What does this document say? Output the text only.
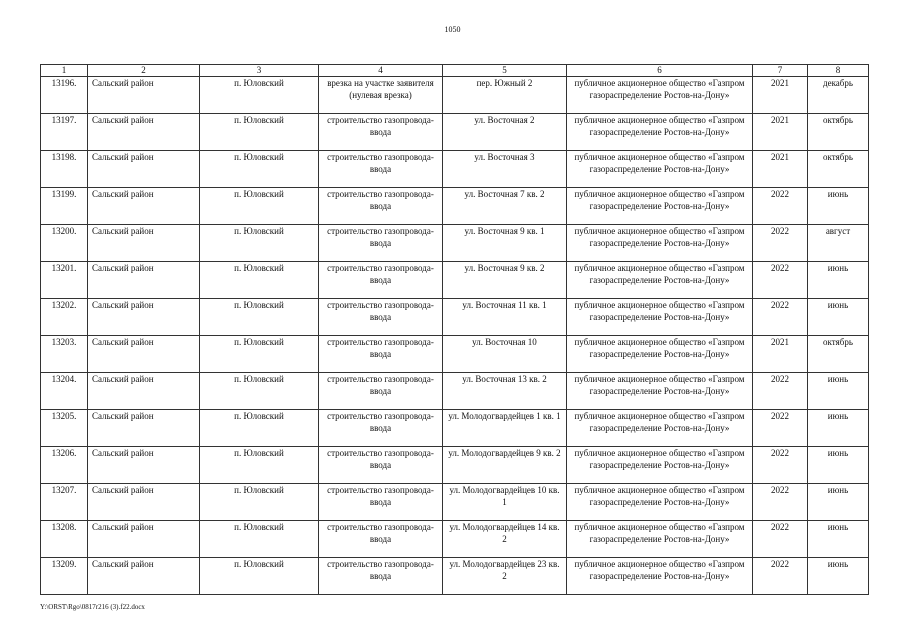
1050
1	2	3	4	5	6	7	8
13196.	Сальский район	п. Юловский	врезка на участке заявителя (нулевая врезка)	пер. Южный 2	публичное акционерное общество «Газпром газораспределение Ростов-на-Дону»	2021	декабрь
13197.	Сальский район	п. Юловский	строительство газопровода-ввода	ул. Восточная 2	публичное акционерное общество «Газпром газораспределение Ростов-на-Дону»	2021	октябрь
13198.	Сальский район	п. Юловский	строительство газопровода-ввода	ул. Восточная 3	публичное акционерное общество «Газпром газораспределение Ростов-на-Дону»	2021	октябрь
13199.	Сальский район	п. Юловский	строительство газопровода-ввода	ул. Восточная 7 кв. 2	публичное акционерное общество «Газпром газораспределение Ростов-на-Дону»	2022	июнь
13200.	Сальский район	п. Юловский	строительство газопровода-ввода	ул. Восточная 9 кв. 1	публичное акционерное общество «Газпром газораспределение Ростов-на-Дону»	2022	август
13201.	Сальский район	п. Юловский	строительство газопровода-ввода	ул. Восточная 9 кв. 2	публичное акционерное общество «Газпром газораспределение Ростов-на-Дону»	2022	июнь
13202.	Сальский район	п. Юловский	строительство газопровода-ввода	ул. Восточная 11 кв. 1	публичное акционерное общество «Газпром газораспределение Ростов-на-Дону»	2022	июнь
13203.	Сальский район	п. Юловский	строительство газопровода-ввода	ул. Восточная 10	публичное акционерное общество «Газпром газораспределение Ростов-на-Дону»	2021	октябрь
13204.	Сальский район	п. Юловский	строительство газопровода-ввода	ул. Восточная 13 кв. 2	публичное акционерное общество «Газпром газораспределение Ростов-на-Дону»	2022	июнь
13205.	Сальский район	п. Юловский	строительство газопровода-ввода	ул. Молодогвардейцев 1 кв. 1	публичное акционерное общество «Газпром газораспределение Ростов-на-Дону»	2022	июнь
13206.	Сальский район	п. Юловский	строительство газопровода-ввода	ул. Молодогвардейцев 9 кв. 2	публичное акционерное общество «Газпром газораспределение Ростов-на-Дону»	2022	июнь
13207.	Сальский район	п. Юловский	строительство газопровода-ввода	ул. Молодогвардейцев 10 кв. 1	публичное акционерное общество «Газпром газораспределение Ростов-на-Дону»	2022	июнь
13208.	Сальский район	п. Юловский	строительство газопровода-ввода	ул. Молодогвардейцев 14 кв. 2	публичное акционерное общество «Газпром газораспределение Ростов-на-Дону»	2022	июнь
13209.	Сальский район	п. Юловский	строительство газопровода-ввода	ул. Молодогвардейцев 23 кв. 2	публичное акционерное общество «Газпром газораспределение Ростов-на-Дону»	2022	июнь
Y:\ORST\Rgo\0817r216 (3).f22.docx
